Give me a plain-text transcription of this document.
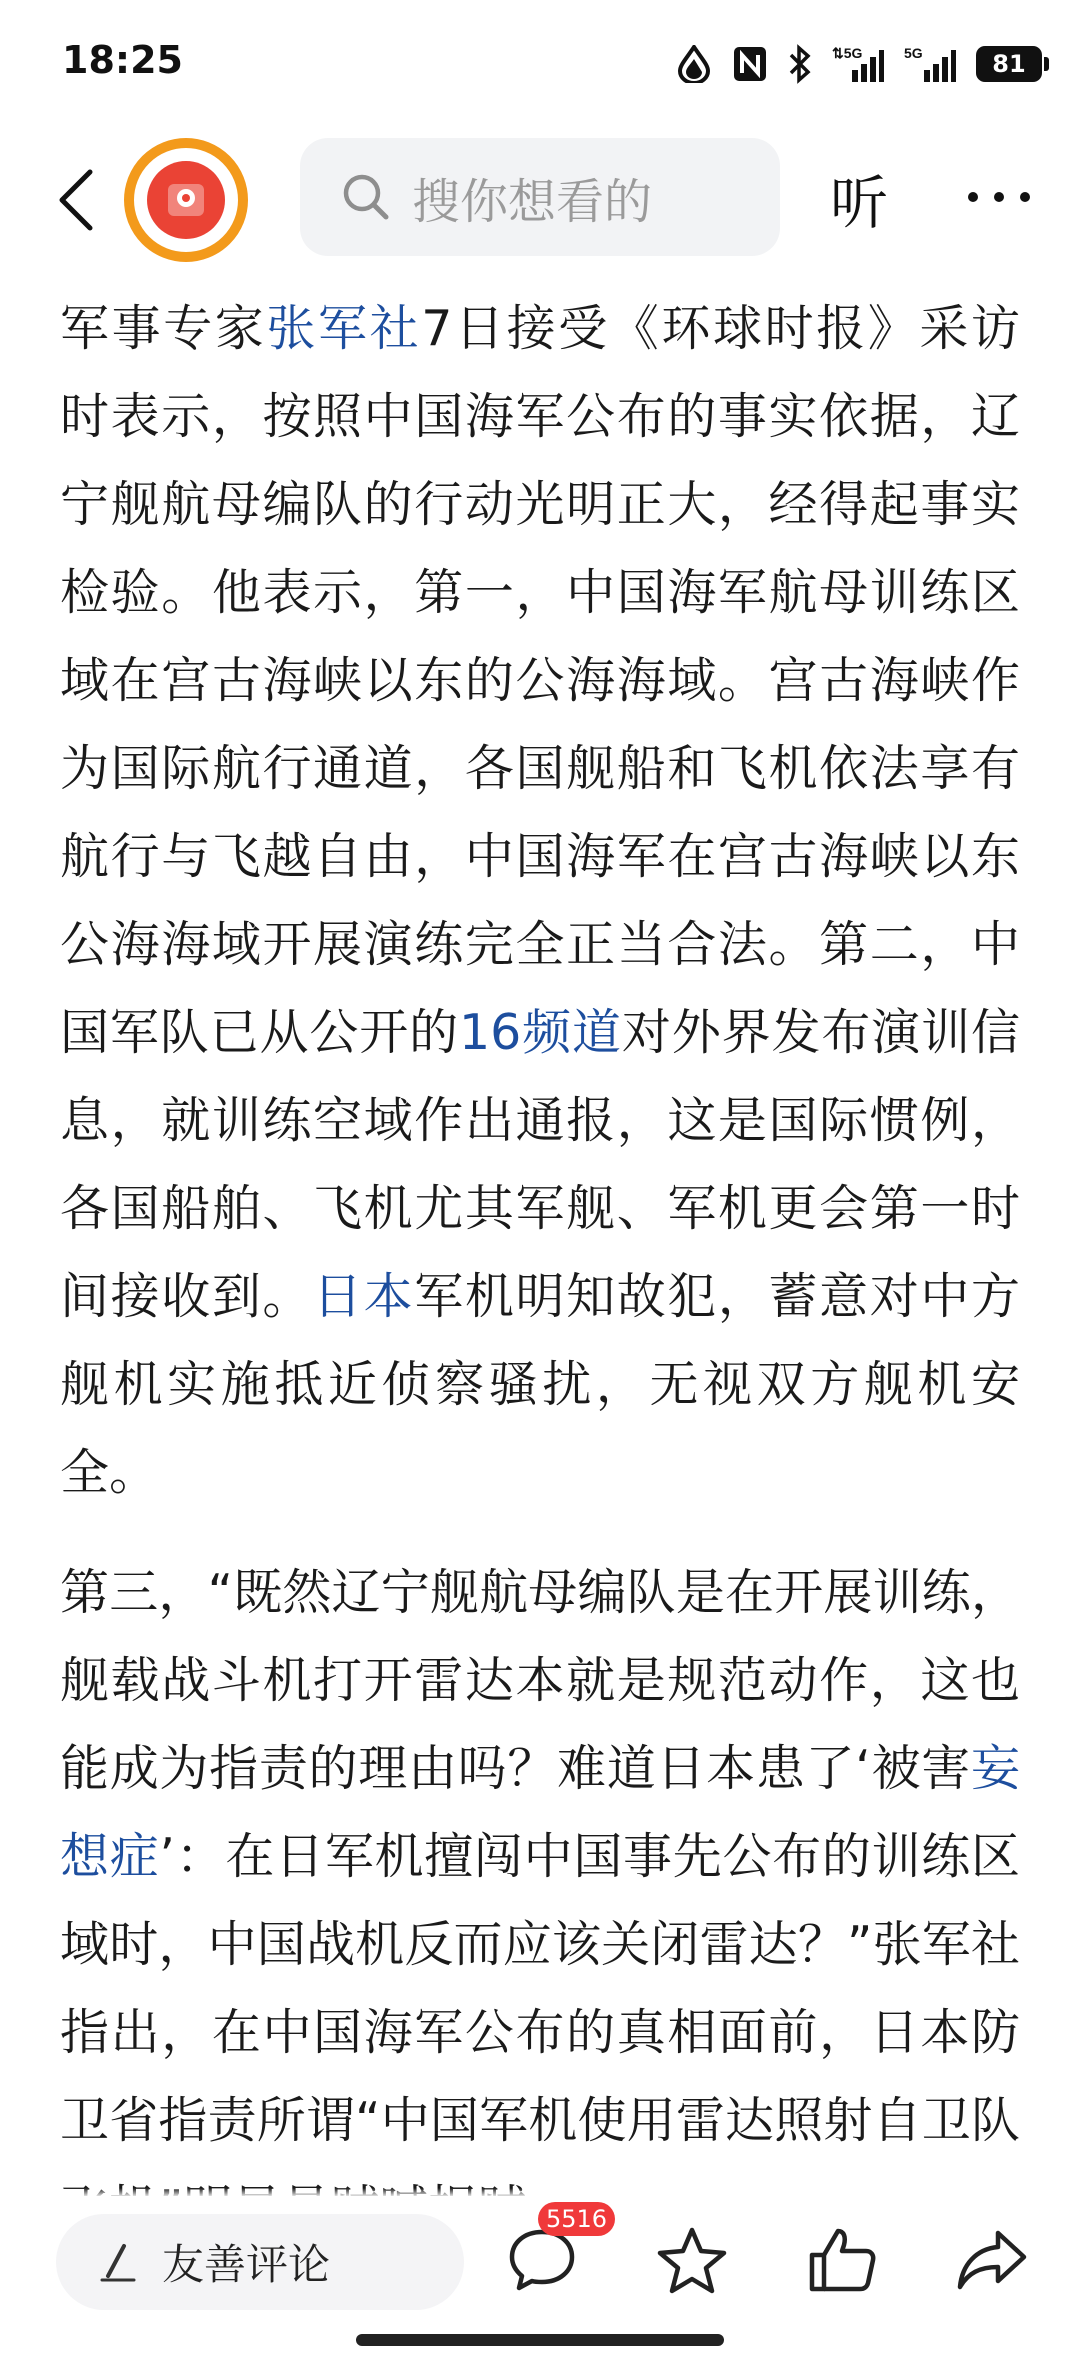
18:25	⇅5G	5G	81
搜你想看的	听

军事专家张军社7日接受《环球时报》采访时表示，按照中国海军公布的事实依据，辽宁舰航母编队的行动光明正大，经得起事实检验。他表示，第一，中国海军航母训练区域在宫古海峡以东的公海海域。宫古海峡作为国际航行通道，各国舰船和飞机依法享有航行与飞越自由，中国海军在宫古海峡以东公海海域开展演练完全正当合法。第二，中国军队已从公开的16频道对外界发布演训信息，就训练空域作出通报，这是国际惯例，各国船舶、飞机尤其军舰、军机更会第一时间接收到。日本军机明知故犯，蓄意对中方舰机实施抵近侦察骚扰，无视双方舰机安全。

第三，“既然辽宁舰航母编队是在开展训练，舰载战斗机打开雷达本就是规范动作，这也能成为指责的理由吗？难道日本患了‘被害妄想症’：在日军机擅闯中国事先公布的训练区域时，中国战机反而应该关闭雷达？”张军社指出，在中国海军公布的真相面前，日本防卫省指责所谓“中国军机使用雷达照射自卫队

友善评论
5516
